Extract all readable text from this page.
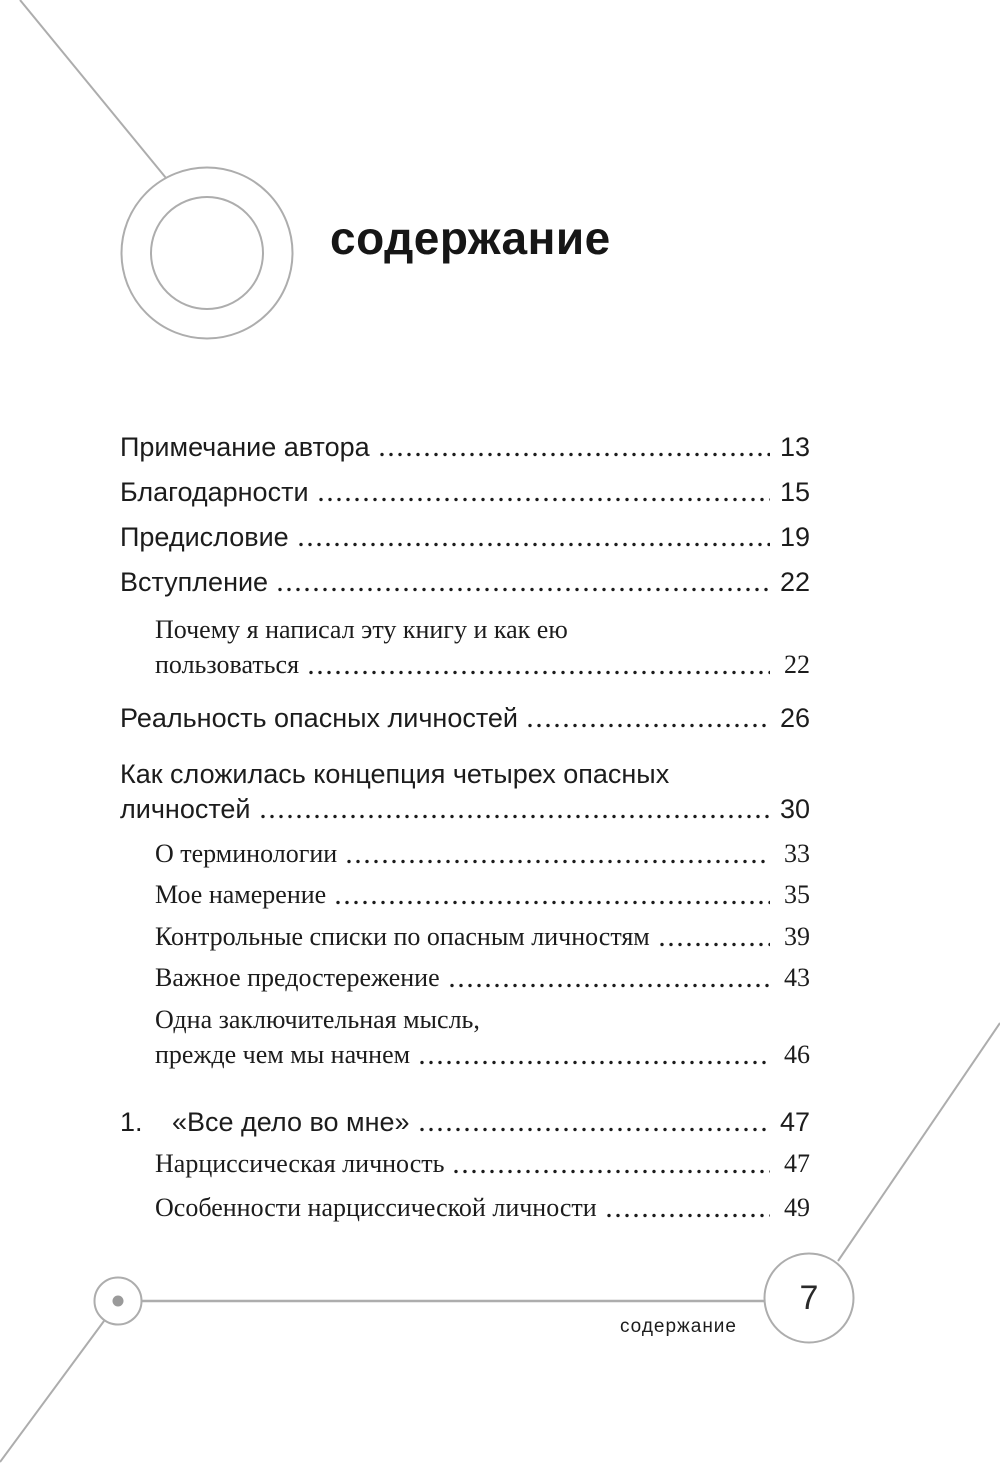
содержание
Примечание автора	13
Благодарности	15
Предисловие	19
Вступление	22
Почему я написал эту книгу и как ею
пользоваться	22
Реальность опасных личностей	26
Как сложилась концепция четырех опасных
личностей	30
О терминологии	33
Мое намерение	35
Контрольные списки по опасным личностям	39
Важное предостережение	43
Одна заключительная мысль,
прежде чем мы начнем	46
1.	«Все дело во мне»	47
Нарциссическая личность	47
Особенности нарциссической личности	49
содержание
7
